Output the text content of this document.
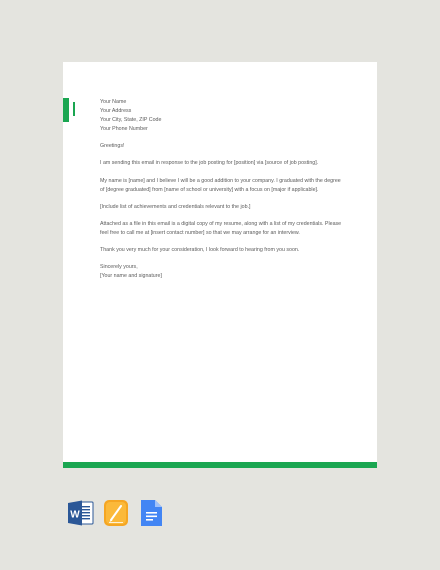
Your Name
Your Address
Your City, State, ZIP Code
Your Phone Number
Greetings!
I am sending this email in response to the job posting for [position] via [source of job posting].
My name is [name] and I believe I will be a good addition to your company. I graduated with the degree
of [degree graduated] from [name of school or university] with a focus on [major if applicable].
[Include list of achievements and credentials relevant to the job.]
Attached as a file in this email is a digital copy of my resume, along with a list of my credentials. Please
feel free to call me at [insert contact number] so that we may arrange for an interview.
Thank you very much for your consideration, I look forward to hearing from you soon.
Sincerely yours,
[Your name and signature]
W
